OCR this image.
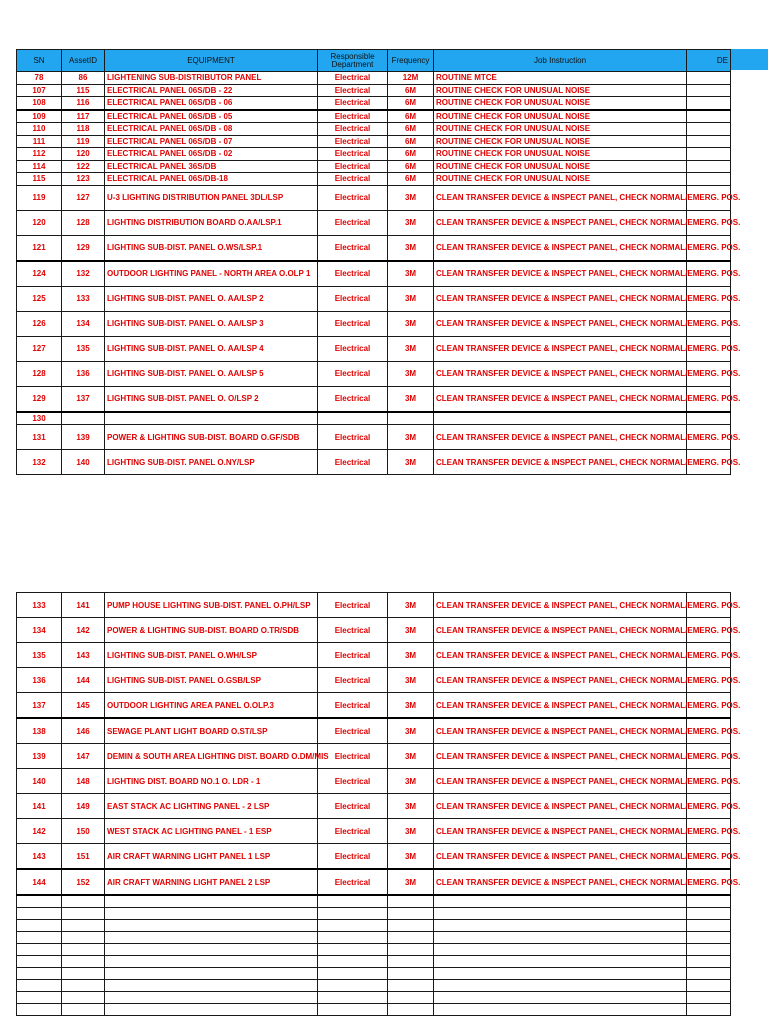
SN	AssetID	EQUIPMENT	Responsible Department	Frequency	Job Instruction	DE
78	86	LIGHTENING SUB-DISTRIBUTOR PANEL	Electrical	12M	ROUTINE MTCE	
107	115	ELECTRICAL PANEL 06S/DB - 22	Electrical	6M	ROUTINE CHECK FOR UNUSUAL NOISE	
108	116	ELECTRICAL PANEL 06S/DB - 06	Electrical	6M	ROUTINE CHECK FOR UNUSUAL NOISE	
109	117	ELECTRICAL PANEL 06S/DB - 05	Electrical	6M	ROUTINE CHECK FOR UNUSUAL NOISE	
110	118	ELECTRICAL PANEL 06S/DB - 08	Electrical	6M	ROUTINE CHECK FOR UNUSUAL NOISE	
111	119	ELECTRICAL PANEL 06S/DB - 07	Electrical	6M	ROUTINE CHECK FOR UNUSUAL NOISE	
112	120	ELECTRICAL PANEL 06S/DB - 02	Electrical	6M	ROUTINE CHECK FOR UNUSUAL NOISE	
114	122	ELECTRICAL PANEL 36S/DB	Electrical	6M	ROUTINE CHECK FOR UNUSUAL NOISE	
115	123	ELECTRICAL PANEL 06S/DB-18	Electrical	6M	ROUTINE CHECK FOR UNUSUAL NOISE	
119	127	U-3 LIGHTING DISTRIBUTION PANEL 3DL/LSP	Electrical	3M	CLEAN TRANSFER DEVICE & INSPECT PANEL, CHECK NORMAL/EMERG. POS.	
120	128	LIGHTING DISTRIBUTION BOARD O.AA/LSP.1	Electrical	3M	CLEAN TRANSFER DEVICE & INSPECT PANEL, CHECK NORMAL/EMERG. POS.	
121	129	LIGHTING SUB-DIST. PANEL O.WS/LSP.1	Electrical	3M	CLEAN TRANSFER DEVICE & INSPECT PANEL, CHECK NORMAL/EMERG. POS.	
124	132	OUTDOOR LIGHTING PANEL - NORTH AREA O.OLP 1	Electrical	3M	CLEAN TRANSFER DEVICE & INSPECT PANEL, CHECK NORMAL/EMERG. POS.	
125	133	LIGHTING SUB-DIST. PANEL O. AA/LSP 2	Electrical	3M	CLEAN TRANSFER DEVICE & INSPECT PANEL, CHECK NORMAL/EMERG. POS.	
126	134	LIGHTING SUB-DIST. PANEL O. AA/LSP 3	Electrical	3M	CLEAN TRANSFER DEVICE & INSPECT PANEL, CHECK NORMAL/EMERG. POS.	
127	135	LIGHTING SUB-DIST. PANEL O. AA/LSP 4	Electrical	3M	CLEAN TRANSFER DEVICE & INSPECT PANEL, CHECK NORMAL/EMERG. POS.	
128	136	LIGHTING SUB-DIST. PANEL O. AA/LSP 5	Electrical	3M	CLEAN TRANSFER DEVICE & INSPECT PANEL, CHECK NORMAL/EMERG. POS.	
129	137	LIGHTING SUB-DIST. PANEL O. O/LSP 2	Electrical	3M	CLEAN TRANSFER DEVICE & INSPECT PANEL, CHECK NORMAL/EMERG. POS.	
130						
131	139	POWER & LIGHTING SUB-DIST. BOARD O.GF/SDB	Electrical	3M	CLEAN TRANSFER DEVICE & INSPECT PANEL, CHECK NORMAL/EMERG. POS.	
132	140	LIGHTING SUB-DIST. PANEL O.NY/LSP	Electrical	3M	CLEAN TRANSFER DEVICE & INSPECT PANEL, CHECK NORMAL/EMERG. POS.	
133	141	PUMP HOUSE LIGHTING SUB-DIST. PANEL O.PH/LSP	Electrical	3M	CLEAN TRANSFER DEVICE & INSPECT PANEL, CHECK NORMAL/EMERG. POS.	
134	142	POWER & LIGHTING SUB-DIST. BOARD O.TR/SDB	Electrical	3M	CLEAN TRANSFER DEVICE & INSPECT PANEL, CHECK NORMAL/EMERG. POS.	
135	143	LIGHTING SUB-DIST. PANEL O.WH/LSP	Electrical	3M	CLEAN TRANSFER DEVICE & INSPECT PANEL, CHECK NORMAL/EMERG. POS.	
136	144	LIGHTING SUB-DIST. PANEL O.GSB/LSP	Electrical	3M	CLEAN TRANSFER DEVICE & INSPECT PANEL, CHECK NORMAL/EMERG. POS.	
137	145	OUTDOOR LIGHTING AREA PANEL O.OLP.3	Electrical	3M	CLEAN TRANSFER DEVICE & INSPECT PANEL, CHECK NORMAL/EMERG. POS.	
138	146	SEWAGE PLANT LIGHT BOARD O.ST/LSP	Electrical	3M	CLEAN TRANSFER DEVICE & INSPECT PANEL, CHECK NORMAL/EMERG. POS.	
139	147	DEMIN & SOUTH AREA LIGHTING DIST. BOARD O.DM/MIS	Electrical	3M	CLEAN TRANSFER DEVICE & INSPECT PANEL, CHECK NORMAL/EMERG. POS.	
140	148	LIGHTING DIST. BOARD NO.1 O. LDR - 1	Electrical	3M	CLEAN TRANSFER DEVICE & INSPECT PANEL, CHECK NORMAL/EMERG. POS.	
141	149	EAST STACK AC LIGHTING PANEL - 2 LSP	Electrical	3M	CLEAN TRANSFER DEVICE & INSPECT PANEL, CHECK NORMAL/EMERG. POS.	
142	150	WEST STACK AC LIGHTING PANEL - 1 ESP	Electrical	3M	CLEAN TRANSFER DEVICE & INSPECT PANEL, CHECK NORMAL/EMERG. POS.	
143	151	AIR CRAFT WARNING LIGHT PANEL 1 LSP	Electrical	3M	CLEAN TRANSFER DEVICE & INSPECT PANEL, CHECK NORMAL/EMERG. POS.	
144	152	AIR CRAFT WARNING LIGHT PANEL 2 LSP	Electrical	3M	CLEAN TRANSFER DEVICE & INSPECT PANEL, CHECK NORMAL/EMERG. POS.	
